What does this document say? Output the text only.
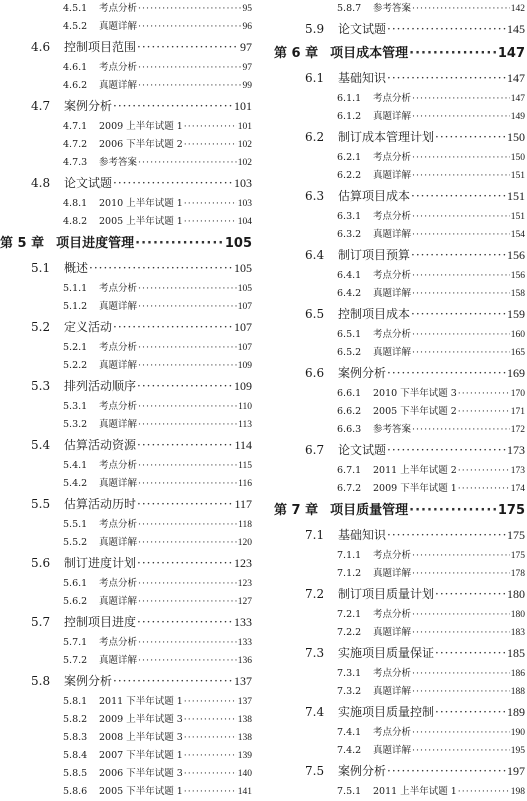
4.5.1	考点分析 ·····	95
4.5.2	真题详解 ·····	96
4.6	控制项目范围 ·····	97
4.6.1	考点分析 ·····	97
4.6.2	真题详解 ·····	99
4.7	案例分析 ·····	101
4.7.1	2009 上半年试题 1 ·····	101
4.7.2	2006 下半年试题 2 ·····	102
4.7.3	参考答案 ·····	102
4.8	论文试题 ·····	103
4.8.1	2010 上半年试题 1 ·····	103
4.8.2	2005 上半年试题 1 ·····	104
第 5 章 项目进度管理 ·····	105
5.1	概述 ·····	105
5.1.1	考点分析 ·····	105
5.1.2	真题详解 ·····	107
5.2	定义活动 ·····	107
5.2.1	考点分析 ·····	107
5.2.2	真题详解 ·····	109
5.3	排列活动顺序 ·····	109
5.3.1	考点分析 ·····	110
5.3.2	真题详解 ·····	113
5.4	估算活动资源 ·····	114
5.4.1	考点分析 ·····	115
5.4.2	真题详解 ·····	116
5.5	估算活动历时 ·····	117
5.5.1	考点分析 ·····	118
5.5.2	真题详解 ·····	120
5.6	制订进度计划 ·····	123
5.6.1	考点分析 ·····	123
5.6.2	真题详解 ·····	127
5.7	控制项目进度 ·····	133
5.7.1	考点分析 ·····	133
5.7.2	真题详解 ·····	136
5.8	案例分析 ·····	137
5.8.1	2011 下半年试题 1 ·····	137
5.8.2	2009 上半年试题 3 ·····	138
5.8.3	2008 上半年试题 3 ·····	138
5.8.4	2007 下半年试题 1 ·····	139
5.8.5	2006 下半年试题 3 ·····	140
5.8.6	2005 下半年试题 1 ·····	141
5.8.7	参考答案 ·····	142
5.9	论文试题 ·····	145
第 6 章 项目成本管理 ·····	147
6.1	基础知识 ·····	147
6.1.1	考点分析 ·····	147
6.1.2	真题详解 ·····	149
6.2	制订成本管理计划 ·····	150
6.2.1	考点分析 ·····	150
6.2.2	真题详解 ·····	151
6.3	估算项目成本 ·····	151
6.3.1	考点分析 ·····	151
6.3.2	真题详解 ·····	154
6.4	制订项目预算 ·····	156
6.4.1	考点分析 ·····	156
6.4.2	真题详解 ·····	158
6.5	控制项目成本 ·····	159
6.5.1	考点分析 ·····	160
6.5.2	真题详解 ·····	165
6.6	案例分析 ·····	169
6.6.1	2010 下半年试题 3 ·····	170
6.6.2	2005 下半年试题 2 ·····	171
6.6.3	参考答案 ·····	172
6.7	论文试题 ·····	173
6.7.1	2011 上半年试题 2 ·····	173
6.7.2	2009 下半年试题 1 ·····	174
第 7 章 项目质量管理 ·····	175
7.1	基础知识 ·····	175
7.1.1	考点分析 ·····	175
7.1.2	真题详解 ·····	178
7.2	制订项目质量计划 ·····	180
7.2.1	考点分析 ·····	180
7.2.2	真题详解 ·····	183
7.3	实施项目质量保证 ·····	185
7.3.1	考点分析 ·····	186
7.3.2	真题详解 ·····	188
7.4	实施项目质量控制 ·····	189
7.4.1	考点分析 ·····	190
7.4.2	真题详解 ·····	195
7.5	案例分析 ·····	197
7.5.1	2011 上半年试题 1 ·····	198
